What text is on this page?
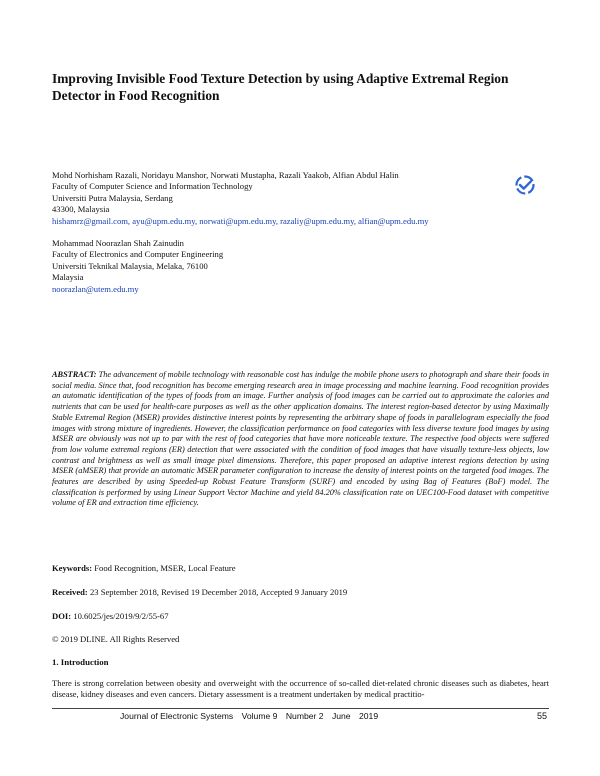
Improving Invisible Food Texture Detection by using Adaptive Extremal Region Detector in Food Recognition
Mohd Norhisham Razali, Noridayu Manshor, Norwati Mustapha, Razali Yaakob, Alfian Abdul Halin
Faculty of Computer Science and Information Technology
Universiti Putra Malaysia, Serdang
43300, Malaysia
hishamrz@gmail.com, ayu@upm.edu.my, norwati@upm.edu.my, razaliy@upm.edu.my, alfian@upm.edu.my
Mohammad Noorazlan Shah Zainudin
Faculty of Electronics and Computer Engineering
Universiti Teknikal Malaysia, Melaka, 76100
Malaysia
noorazlan@utem.edu.my
ABSTRACT: The advancement of mobile technology with reasonable cost has indulge the mobile phone users to photograph and share their foods in social media. Since that, food recognition has become emerging research area in image processing and machine learning. Food recognition provides an automatic identification of the types of foods from an image. Further analysis of food images can be carried out to approximate the calories and nutrients that can be used for health-care purposes as well as the other application domains. The interest region-based detector by using Maximally Stable Extremal Region (MSER) provides distinctive interest points by representing the arbitrary shape of foods in parallelogram especially the food images with strong mixture of ingredients. However, the classification performance on food categories with less diverse texture food images by using MSER are obviously was not up to par with the rest of food categories that have more noticeable texture. The respective food objects were suffered from low volume extremal regions (ER) detection that were associated with the condition of food images that have visually texture-less objects, low contrast and brightness as well as small image pixel dimensions. Therefore, this paper proposed an adaptive interest regions detection by using MSER (aMSER) that provide an automatic MSER parameter configuration to increase the density of interest points on the targeted food images. The features are described by using Speeded-up Robust Feature Transform (SURF) and encoded by using Bag of Features (BoF) model. The classification is performed by using Linear Support Vector Machine and yield 84.20% classification rate on UEC100-Food dataset with competitive volume of ER and extraction time efficiency.
Keywords: Food Recognition, MSER, Local Feature
Received: 23 September 2018, Revised 19 December 2018, Accepted 9 January 2019
DOI: 10.6025/jes/2019/9/2/55-67
© 2019 DLINE. All Rights Reserved
1. Introduction
There is strong correlation between obesity and overweight with the occurrence of so-called diet-related chronic diseases such as diabetes, heart disease, kidney diseases and even cancers. Dietary assessment is a treatment undertaken by medical practitio-
Journal of Electronic Systems Volume 9 Number 2 June 2019	55
